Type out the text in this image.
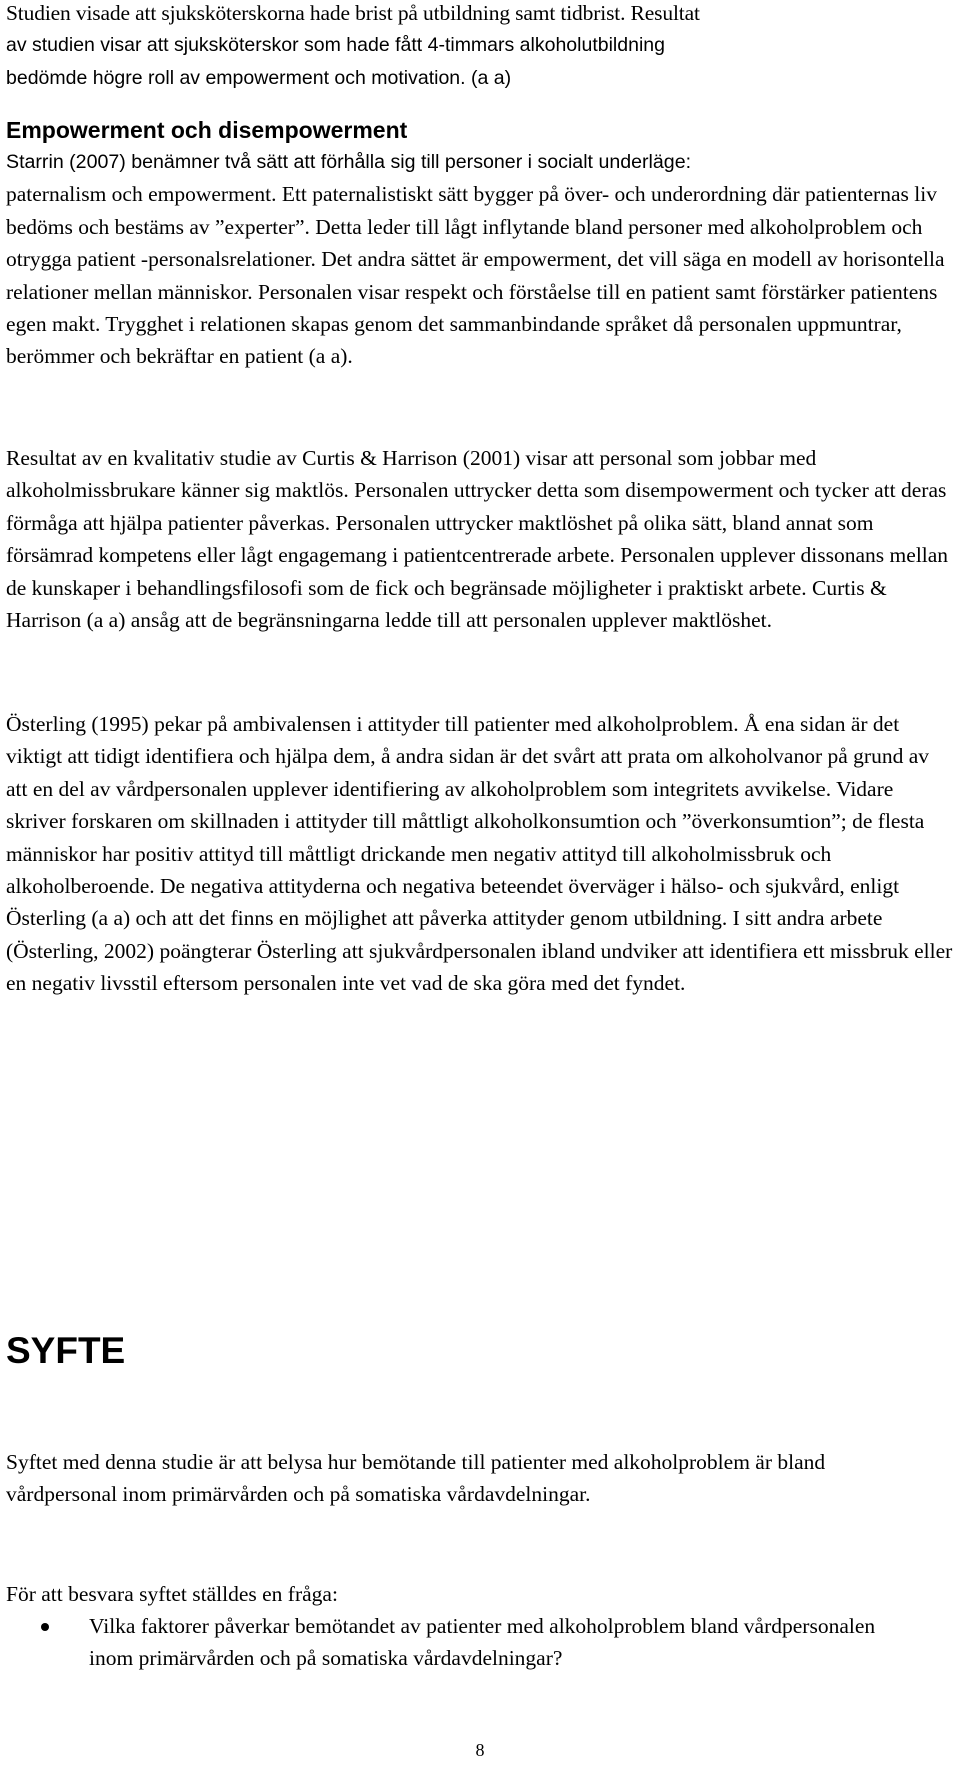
Studien visade att sjuksköterskorna hade brist på utbildning samt tidbrist. Resultat

av studien visar att sjuksköterskor som hade fått 4-timmars alkoholutbildning

bedömde högre roll av empowerment och motivation. (a a)

Empowerment och disempowerment

Starrin (2007) benämner två sätt att förhålla sig till personer i socialt underläge:

paternalism och empowerment. Ett paternalistiskt sätt bygger på över- och underordning där patienternas liv bedöms och bestäms av ”experter”. Detta leder till lågt inflytande bland personer med alkoholproblem och otrygga patient -personalsrelationer. Det andra sättet är empowerment, det vill säga en modell av horisontella relationer mellan människor. Personalen visar respekt och förståelse till en patient samt förstärker patientens egen makt. Trygghet i relationen skapas genom det sammanbindande språket då personalen uppmuntrar, berömmer och bekräftar en patient (a a).

Resultat av en kvalitativ studie av Curtis & Harrison (2001) visar att personal som jobbar med alkoholmissbrukare känner sig maktlös. Personalen uttrycker detta som disempowerment och tycker att deras förmåga att hjälpa patienter påverkas. Personalen uttrycker maktlöshet på olika sätt, bland annat som försämrad kompetens eller lågt engagemang i patientcentrerade arbete. Personalen upplever dissonans mellan de kunskaper i behandlingsfilosofi som de fick och begränsade möjligheter i praktiskt arbete. Curtis & Harrison (a a) ansåg att de begränsningarna ledde till att personalen upplever maktlöshet.

Österling (1995) pekar på ambivalensen i attityder till patienter med alkoholproblem. Å ena sidan är det viktigt att tidigt identifiera och hjälpa dem, å andra sidan är det svårt att prata om alkoholvanor på grund av att en del av vårdpersonalen upplever identifiering av alkoholproblem som integritets avvikelse. Vidare skriver forskaren om skillnaden i attityder till måttligt alkoholkonsumtion och ”överkonsumtion”; de flesta människor har positiv attityd till måttligt drickande men negativ attityd till alkoholmissbruk och alkoholberoende. De negativa attityderna och negativa beteendet överväger i hälso- och sjukvård, enligt Österling (a a) och att det finns en möjlighet att påverka attityder genom utbildning. I sitt andra arbete (Österling, 2002) poängterar Österling att sjukvårdpersonalen ibland undviker att identifiera ett missbruk eller en negativ livsstil eftersom personalen inte vet vad de ska göra med det fyndet.

SYFTE

Syftet med denna studie är att belysa hur bemötande till patienter med alkoholproblem är bland vårdpersonal inom primärvården och på somatiska vårdavdelningar.

För att besvara syftet ställdes en fråga:

Vilka faktorer påverkar bemötandet av patienter med alkoholproblem bland vårdpersonalen inom primärvården och på somatiska vårdavdelningar?
8
